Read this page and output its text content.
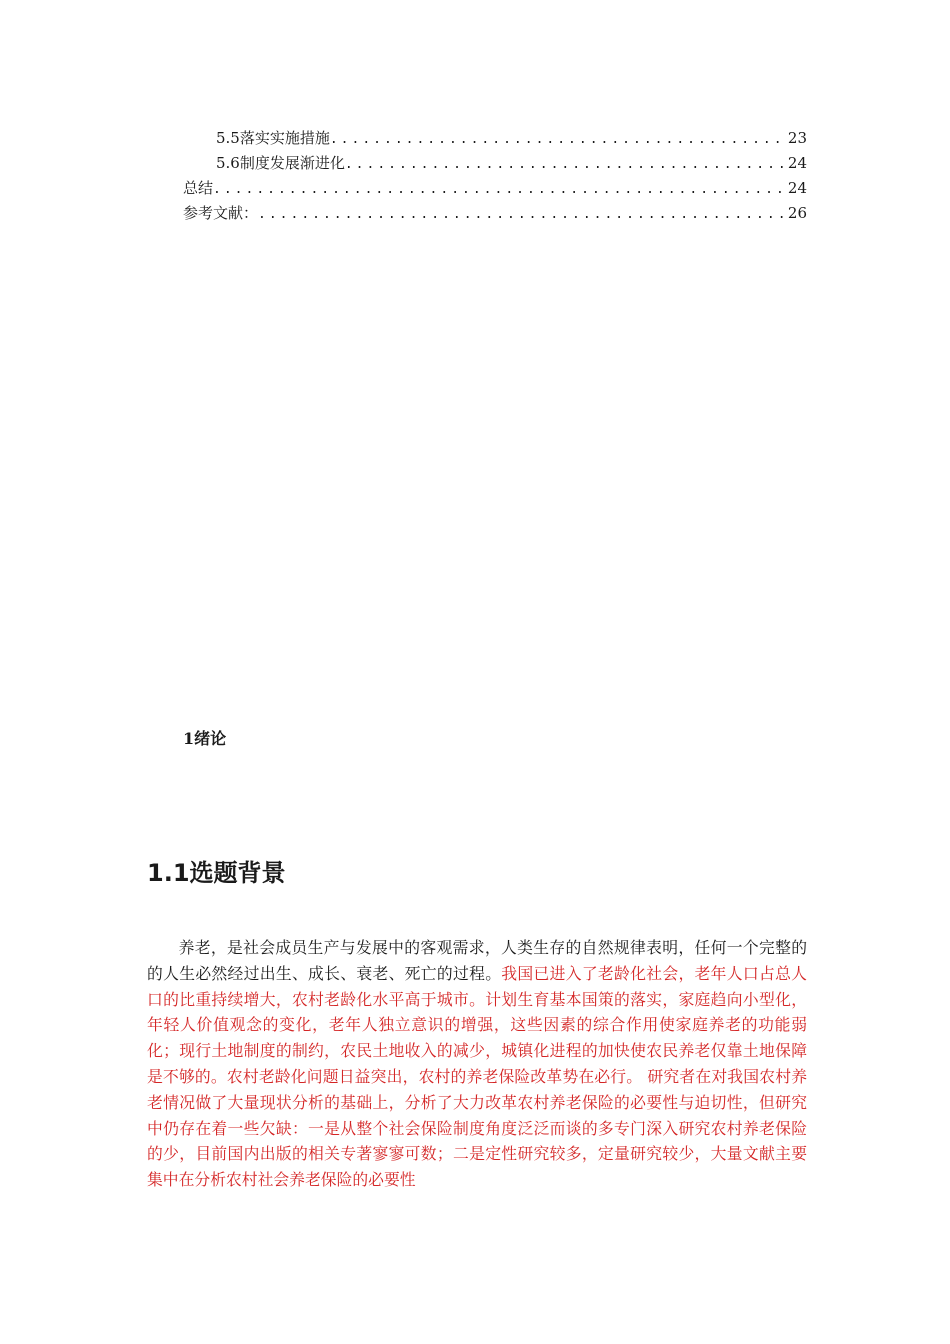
5.5落实实施措施 .....	23
5.6制度发展渐进化 .....	24
总结 .....	24
参考文献： .....	26
1绪论
1.1选题背景

养老，是社会成员生产与发展中的客观需求，人类生存的自然规律表明，任何一个完整的的人生必然经过出生、成长、衰老、死亡的过程。我国已进入了老龄化社会，老年人口占总人口的比重持续增大，农村老龄化水平高于城市。计划生育基本国策的落实，家庭趋向小型化，年轻人价值观念的变化，老年人独立意识的增强，这些因素的综合作用使家庭养老的功能弱化；现行土地制度的制约，农民土地收入的减少，城镇化进程的加快使农民养老仅靠土地保障是不够的。农村老龄化问题日益突出，农村的养老保险改革势在必行。 研究者在对我国农村养老情况做了大量现状分析的基础上，分析了大力改革农村养老保险的必要性与迫切性，但研究中仍存在着一些欠缺：一是从整个社会保险制度角度泛泛而谈的多专门深入研究农村养老保险的少，目前国内出版的相关专著寥寥可数；二是定性研究较多，定量研究较少，大量文献主要集中在分析农村社会养老保险的必要性
